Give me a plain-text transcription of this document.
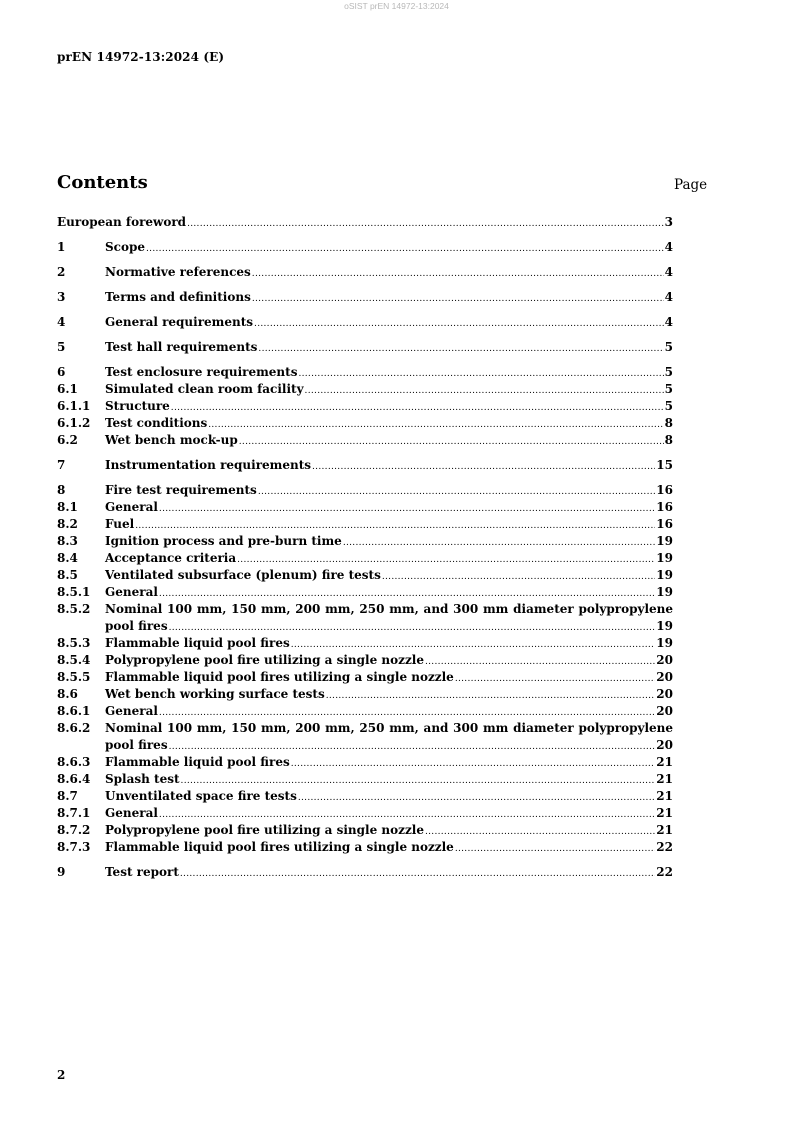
oSIST prEN 14972-13:2024
prEN 14972-13:2024 (E)
Contents	Page
European foreword .....	3
1	Scope .....	4
2	Normative references .....	4
3	Terms and definitions .....	4
4	General requirements .....	4
5	Test hall requirements .....	5
6	Test enclosure requirements .....	5
6.1	Simulated clean room facility .....	5
6.1.1	Structure .....	5
6.1.2	Test conditions .....	8
6.2	Wet bench mock-up .....	8
7	Instrumentation requirements .....	15
8	Fire test requirements .....	16
8.1	General .....	16
8.2	Fuel .....	16
8.3	Ignition process and pre-burn time .....	19
8.4	Acceptance criteria .....	19
8.5	Ventilated subsurface (plenum) fire tests .....	19
8.5.1	General .....	19
8.5.2	Nominal 100 mm, 150 mm, 200 mm, 250 mm, and 300 mm diameter polypropylene
pool fires .....	19
8.5.3	Flammable liquid pool fires .....	19
8.5.4	Polypropylene pool fire utilizing a single nozzle .....	20
8.5.5	Flammable liquid pool fires utilizing a single nozzle .....	20
8.6	Wet bench working surface tests .....	20
8.6.1	General .....	20
8.6.2	Nominal 100 mm, 150 mm, 200 mm, 250 mm, and 300 mm diameter polypropylene
pool fires .....	20
8.6.3	Flammable liquid pool fires .....	21
8.6.4	Splash test .....	21
8.7	Unventilated space fire tests .....	21
8.7.1	General .....	21
8.7.2	Polypropylene pool fire utilizing a single nozzle .....	21
8.7.3	Flammable liquid pool fires utilizing a single nozzle .....	22
9	Test report .....	22
2
